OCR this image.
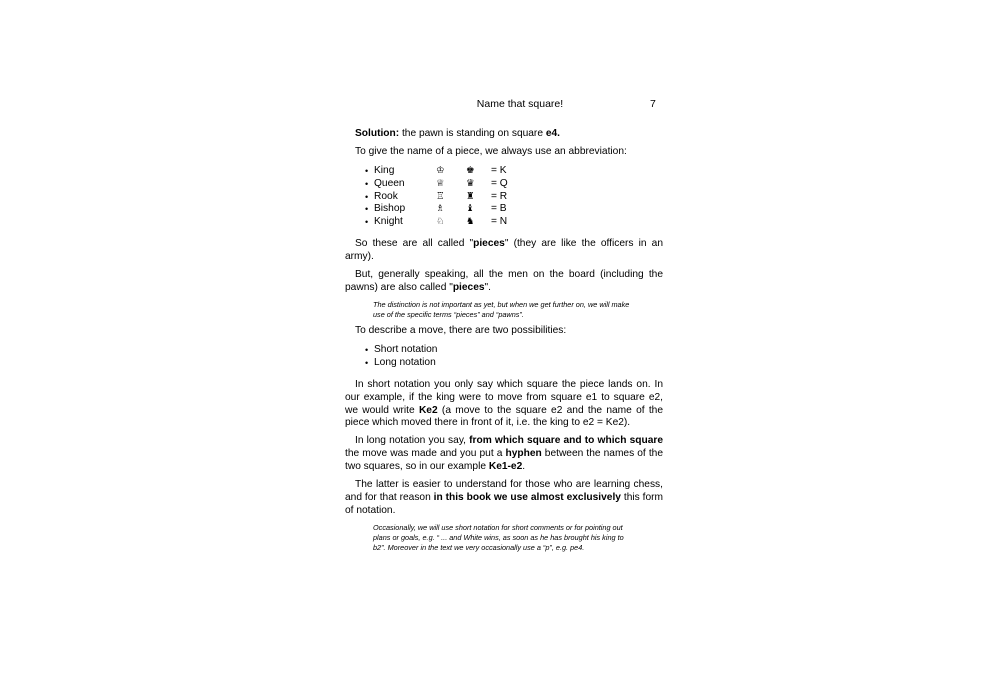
Name that square!	7

Solution: the pawn is standing on square e4.

To give the name of a piece, we always use an abbreviation:

• King	♔	♚	= K
• Queen	♕	♛	= Q
• Rook	♖	♜	= R
• Bishop	♗	♝	= B
• Knight	♘	♞	= N

So these are all called "pieces" (they are like the officers in an army).

But, generally speaking, all the men on the board (including the pawns) are also called "pieces".

The distinction is not important as yet, but when we get further on, we will make use of the specific terms “pieces” and “pawns”.

To describe a move, there are two possibilities:

• Short notation
• Long notation

In short notation you only say which square the piece lands on. In our example, if the king were to move from square e1 to square e2, we would write Ke2 (a move to the square e2 and the name of the piece which moved there in front of it, i.e. the king to e2 = Ke2).

In long notation you say, from which square and to which square the move was made and you put a hyphen between the names of the two squares, so in our example Ke1-e2.

The latter is easier to understand for those who are learning chess, and for that reason in this book we use almost exclusively this form of notation.

Occasionally, we will use short notation for short comments or for pointing out plans or goals, e.g. “ ... and White wins, as soon as he has brought his king to b2”. Moreover in the text we very occasionally use a “p”, e.g. pe4.
